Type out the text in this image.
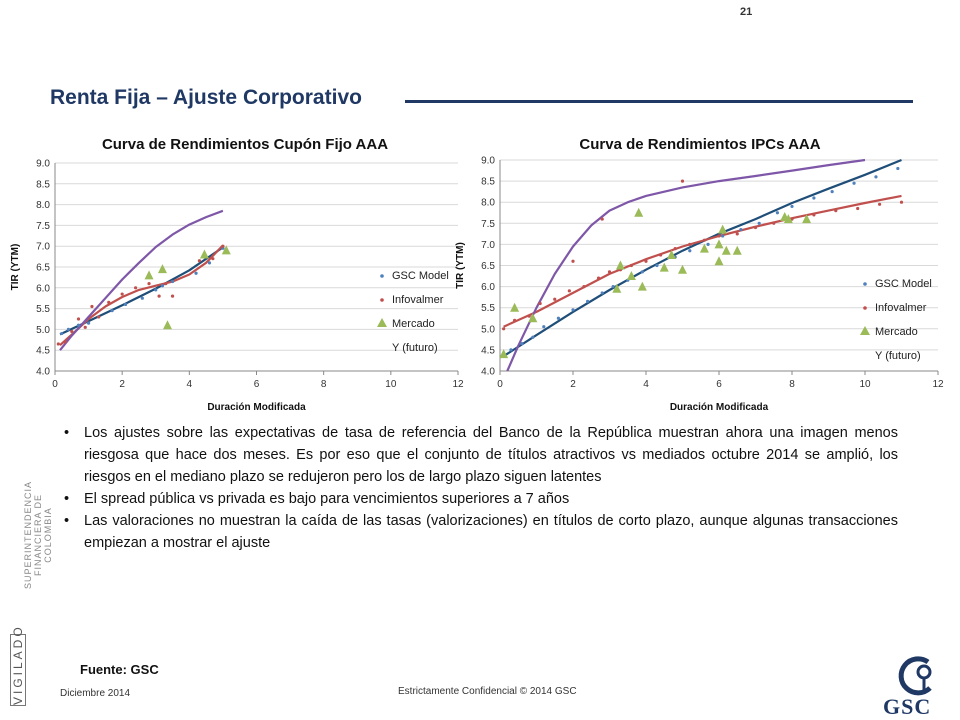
21
Renta Fija – Ajuste Corporativo
Curva de Rendimientos Cupón Fijo AAA	Curva de Rendimientos IPCs AAA
4.0
4.5
5.0
5.5
6.0
6.5
7.0
7.5
8.0
8.5
9.0
0	2	4	6	8	10	12
Duración Modificada
TIR (YTM)	GSC Model
Infovalmer
Mercado
Y (futuro)
4.0
4.5
5.0
5.5
6.0
6.5
7.0
7.5
8.0
8.5
9.0
0	2	4	6	8	10	12
Duración Modificada
TIR (YTM)	GSC Model
Infovalmer
Mercado
Y (futuro)
• Los ajustes sobre las expectativas de tasa de referencia del Banco de la República muestran ahora una imagen menos riesgosa que hace dos meses. Es por eso que el conjunto de títulos atractivos vs mediados octubre 2014 se amplió, los riesgos en el mediano plazo se redujeron pero los de largo plazo siguen latentes
• El spread pública vs privada es bajo para vencimientos superiores a 7 años
• Las valoraciones no muestran la caída de las tasas (valorizaciones) en títulos de corto plazo, aunque algunas transacciones empiezan a mostrar el ajuste
SUPERINTENDENCIA FINANCIERA DE COLOMBIA
VIGILADO	Fuente: GSC
Diciembre 2014	Estrictamente Confidencial © 2014 GSC
GSC
